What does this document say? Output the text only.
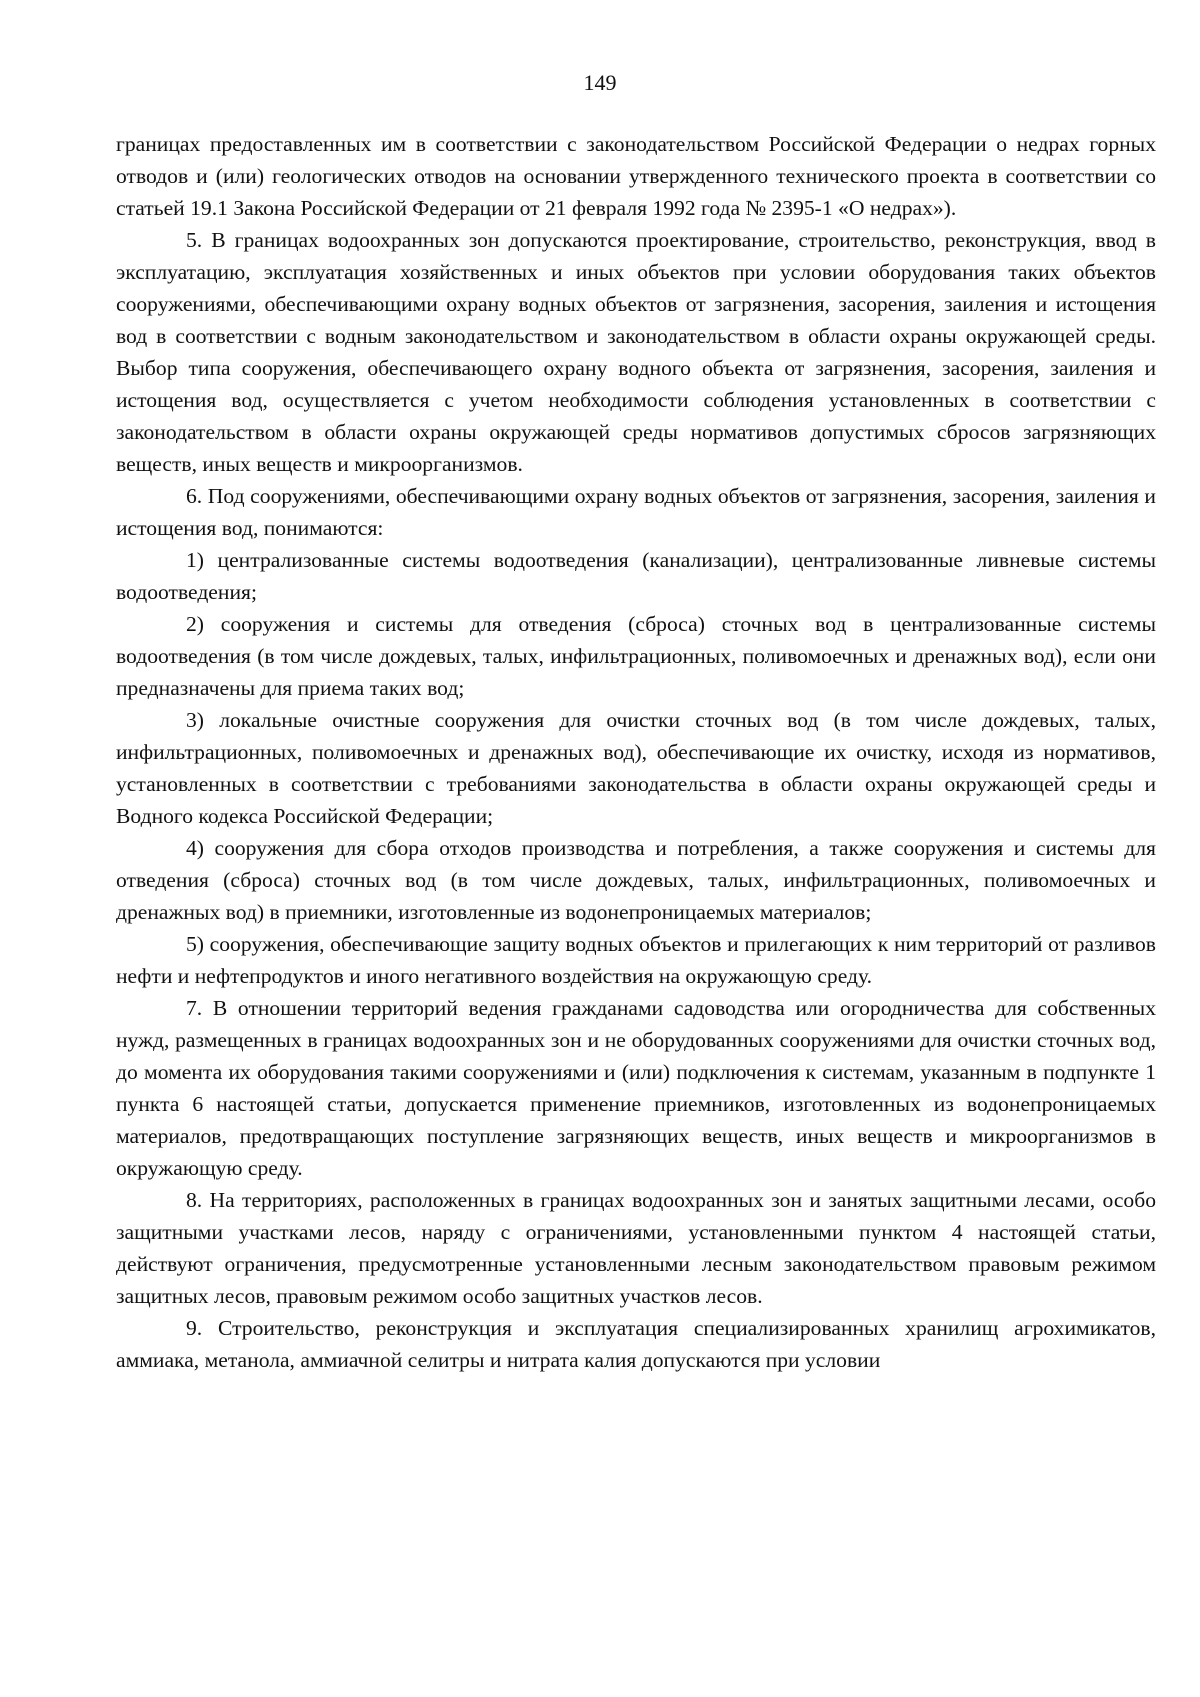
149

границах предоставленных им в соответствии с законодательством Российской Федерации о недрах горных отводов и (или) геологических отводов на основании утвержденного технического проекта в соответствии со статьей 19.1 Закона Российской Федерации от 21 февраля 1992 года № 2395-1 «О недрах»).

5. В границах водоохранных зон допускаются проектирование, строительство, реконструкция, ввод в эксплуатацию, эксплуатация хозяйственных и иных объектов при условии оборудования таких объектов сооружениями, обеспечивающими охрану водных объектов от загрязнения, засорения, заиления и истощения вод в соответствии с водным законодательством и законодательством в области охраны окружающей среды. Выбор типа сооружения, обеспечивающего охрану водного объекта от загрязнения, засорения, заиления и истощения вод, осуществляется с учетом необходимости соблюдения установленных в соответствии с законодательством в области охраны окружающей среды нормативов допустимых сбросов загрязняющих веществ, иных веществ и микроорганизмов.

6. Под сооружениями, обеспечивающими охрану водных объектов от загрязнения, засорения, заиления и истощения вод, понимаются:

1) централизованные системы водоотведения (канализации), централизованные ливневые системы водоотведения;

2) сооружения и системы для отведения (сброса) сточных вод в централизованные системы водоотведения (в том числе дождевых, талых, инфильтрационных, поливомоечных и дренажных вод), если они предназначены для приема таких вод;

3) локальные очистные сооружения для очистки сточных вод (в том числе дождевых, талых, инфильтрационных, поливомоечных и дренажных вод), обеспечивающие их очистку, исходя из нормативов, установленных в соответствии с требованиями законодательства в области охраны окружающей среды и Водного кодекса Российской Федерации;

4) сооружения для сбора отходов производства и потребления, а также сооружения и системы для отведения (сброса) сточных вод (в том числе дождевых, талых, инфильтрационных, поливомоечных и дренажных вод) в приемники, изготовленные из водонепроницаемых материалов;

5) сооружения, обеспечивающие защиту водных объектов и прилегающих к ним территорий от разливов нефти и нефтепродуктов и иного негативного воздействия на окружающую среду.

7. В отношении территорий ведения гражданами садоводства или огородничества для собственных нужд, размещенных в границах водоохранных зон и не оборудованных сооружениями для очистки сточных вод, до момента их оборудования такими сооружениями и (или) подключения к системам, указанным в подпункте 1 пункта 6 настоящей статьи, допускается применение приемников, изготовленных из водонепроницаемых материалов, предотвращающих поступление загрязняющих веществ, иных веществ и микроорганизмов в окружающую среду.

8. На территориях, расположенных в границах водоохранных зон и занятых защитными лесами, особо защитными участками лесов, наряду с ограничениями, установленными пунктом 4 настоящей статьи, действуют ограничения, предусмотренные установленными лесным законодательством правовым режимом защитных лесов, правовым режимом особо защитных участков лесов.

9. Строительство, реконструкция и эксплуатация специализированных хранилищ агрохимикатов, аммиака, метанола, аммиачной селитры и нитрата калия допускаются при условии
